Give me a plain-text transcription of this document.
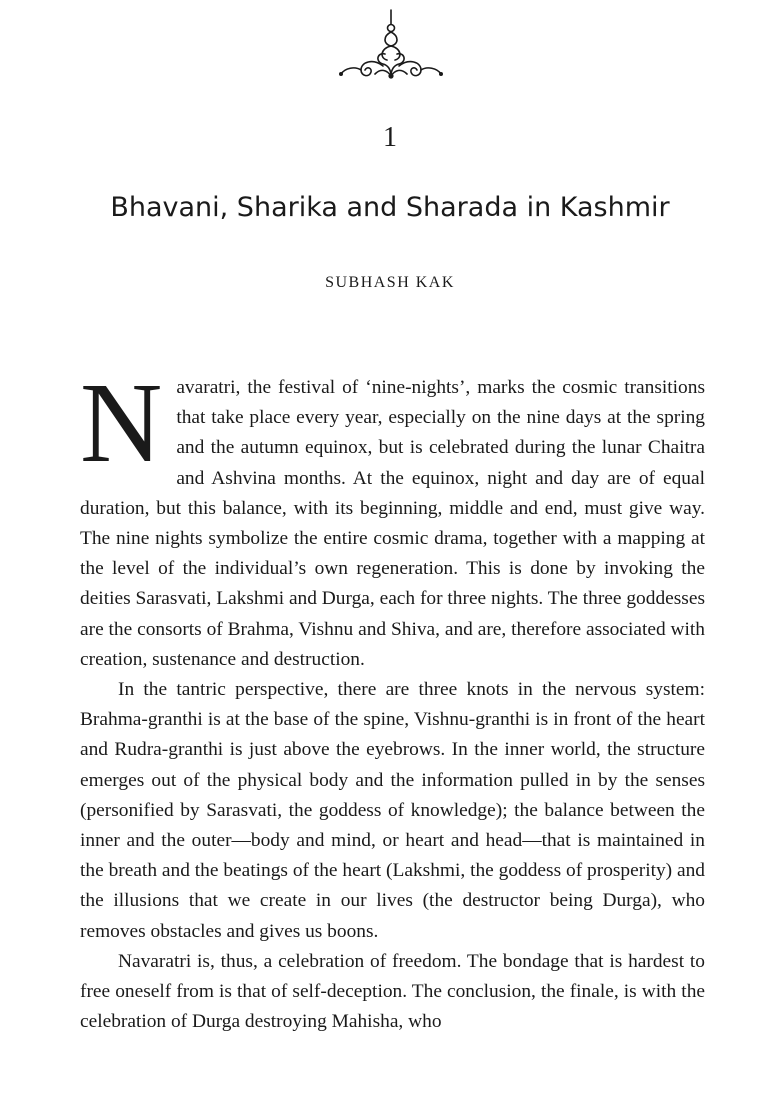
1
Bhavani, Sharika and Sharada in Kashmir
SUBHASH KAK

Navaratri, the festival of ‘nine-nights’, marks the cosmic transitions that take place every year, especially on the nine days at the spring and the autumn equinox, but is celebrated during the lunar Chaitra and Ashvina months. At the equinox, night and day are of equal duration, but this balance, with its beginning, middle and end, must give way. The nine nights symbolize the entire cosmic drama, together with a mapping at the level of the individual’s own regeneration. This is done by invoking the deities Sarasvati, Lakshmi and Durga, each for three nights. The three goddesses are the consorts of Brahma, Vishnu and Shiva, and are, therefore associated with creation, sustenance and destruction.

In the tantric perspective, there are three knots in the nervous system: Brahma-granthi is at the base of the spine, Vishnu-granthi is in front of the heart and Rudra-granthi is just above the eyebrows. In the inner world, the structure emerges out of the physical body and the information pulled in by the senses (personified by Sarasvati, the goddess of knowledge); the balance between the inner and the outer—body and mind, or heart and head—that is maintained in the breath and the beatings of the heart (Lakshmi, the goddess of prosperity) and the illusions that we create in our lives (the destructor being Durga), who removes obstacles and gives us boons.

Navaratri is, thus, a celebration of freedom. The bondage that is hardest to free oneself from is that of self-deception. The conclusion, the finale, is with the celebration of Durga destroying Mahisha, who
